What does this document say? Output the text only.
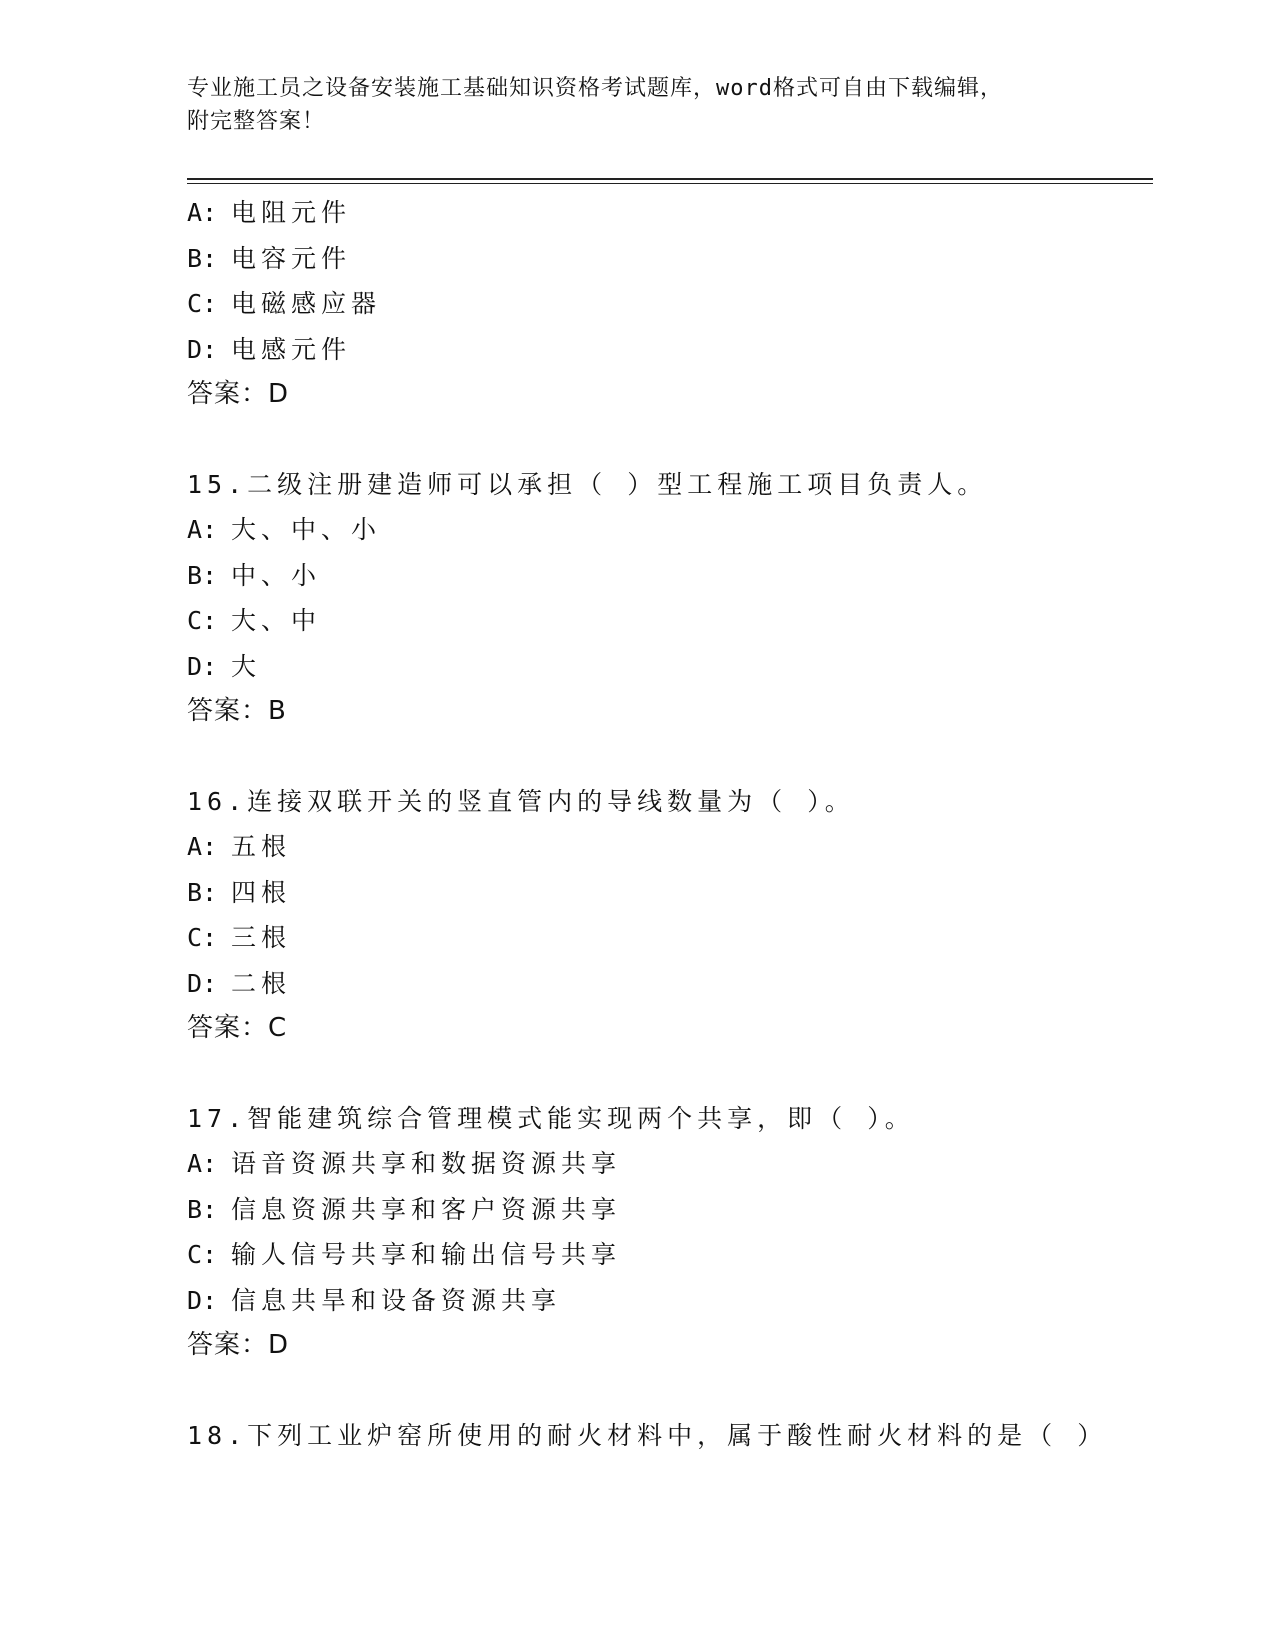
专业施工员之设备安装施工基础知识资格考试题库，word格式可自由下载编辑，
附完整答案！
A: 电阻元件
B: 电容元件
C: 电磁感应器
D: 电感元件
答案：D
15.二级注册建造师可以承担（ ）型工程施工项目负责人。
A: 大、中、小
B: 中、小
C: 大、中
D: 大
答案：B
16.连接双联开关的竖直管内的导线数量为（ ）。
A: 五根
B: 四根
C: 三根
D: 二根
答案：C
17.智能建筑综合管理模式能实现两个共享，即（ ）。
A: 语音资源共享和数据资源共享
B: 信息资源共享和客户资源共享
C: 输人信号共享和输出信号共享
D: 信息共旱和设备资源共享
答案：D
18.下列工业炉窑所使用的耐火材料中，属于酸性耐火材料的是（ ）
